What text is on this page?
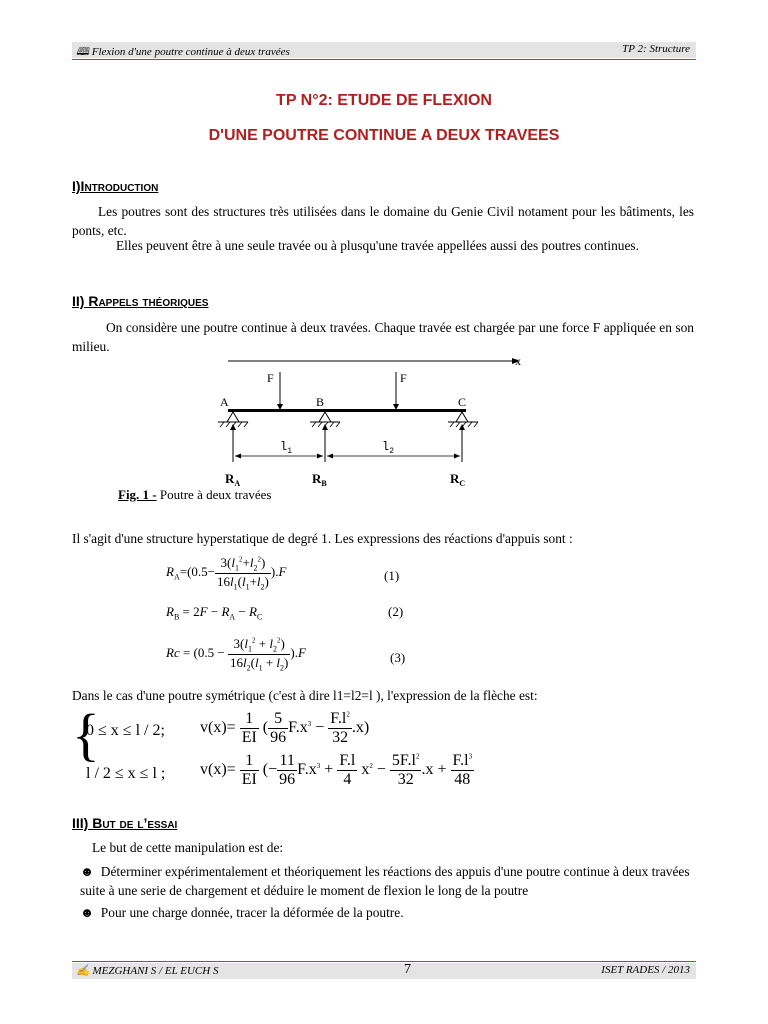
🕮 Flexion d'une poutre continue à deux travées	TP 2: Structure
TP N°2: ETUDE DE FLEXION
D'UNE POUTRE CONTINUE A DEUX TRAVEES
I)Introduction
Les poutres sont des structures très utilisées dans le domaine du Genie Civil notament pour les bâtiments, les ponts, etc.
Elles peuvent être à une seule travée ou à plusqu'une travée appellées aussi des poutres continues.
II) Rappels théoriques
On considère une poutre continue à deux travées. Chaque travée est chargée par une force F appliquée en son milieu.
x
F	F
A	B	C
$l_1$	$l_2$
$R_A$	$R_B$	$R_C$
Fig. 1 - Poutre à deux travées
Il s'agit d'une structure hyperstatique de degré 1. Les expressions des réactions d'appuis sont :
$R_A=(0.5- \frac{3(l_1^2+l_2^2)}{16l_1(l_1+l_2)} ).F$	(1)
$R_B = 2F - R_A - R_C$	(2)
$Rc = (0.5 - \frac{3(l_1^2 + l_2^2)}{16l_2(l_1 + l_2)} ).F$	(3)
Dans le cas d'une poutre symétrique (c'est à dire l1=l2=l ), l'expression de la flèche est:
{
0 ≤ x ≤ l / 2; $v(x)= \frac{1}{EI}$ ( $\frac{5}{96} F.x^3 - \frac{F.l^2}{32} .x$)
l / 2 ≤ x ≤ l ; $v(x)= \frac{1}{EI}$ (− $\frac{11}{96} F.x^3 + \frac{F.l}{4} x^2 - \frac{5F.l^2}{32} .x + \frac{F.l^3}{48}$
III) But de l’essai
Le but de cette manipulation est de:
☻ Déterminer expérimentalement et théoriquement les réactions des appuis d'une poutre continue à deux travées suite à une serie de chargement et déduire le moment de flexion le long de la poutre
☻ Pour une charge donnée, tracer la déformée de la poutre.
✍ MEZGHANI S / EL EUCH S	7	ISET RADES / 2013
